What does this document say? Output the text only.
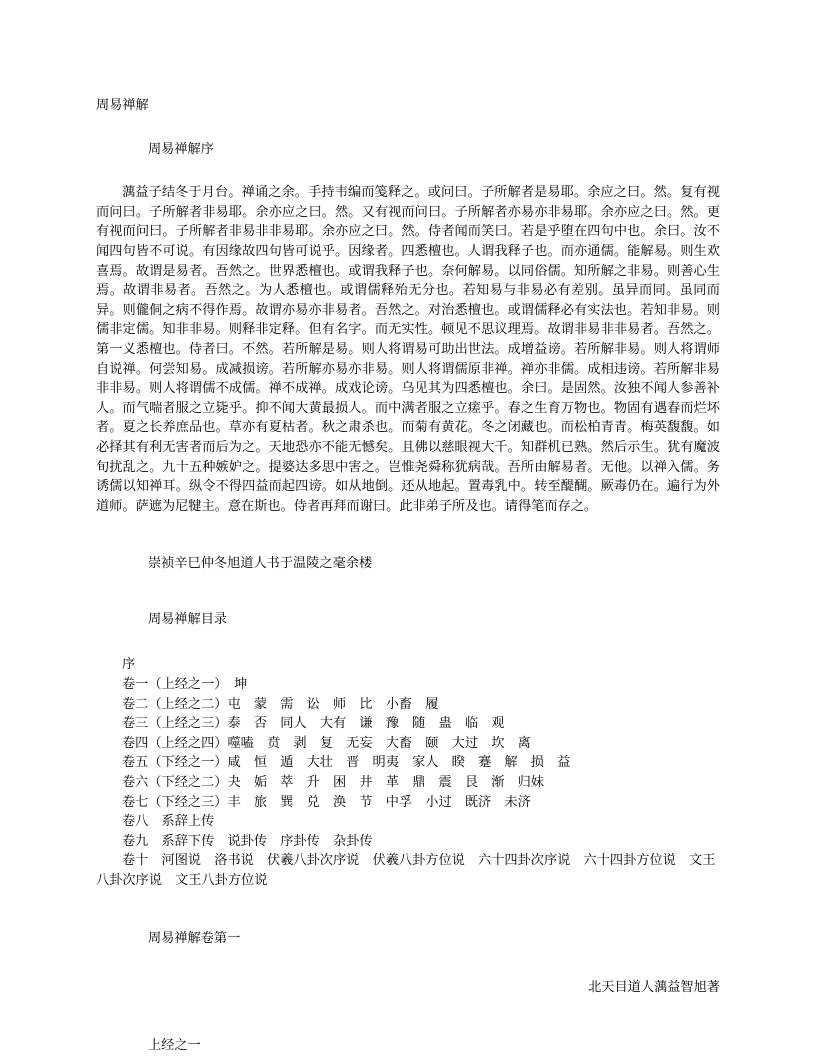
周易禅解
周易禅解序
蕅益子结冬于月台。禅诵之余。手持韦编而笺释之。或问曰。子所解者是易耶。余应之曰。然。复有视而问曰。子所解者非易耶。余亦应之曰。然。又有视而问曰。子所解者亦易亦非易耶。余亦应之曰。然。更有视而问曰。子所解者非易非非易耶。余亦应之曰。然。侍者闻而笑曰。若是乎堕在四句中也。余曰。汝不闻四句皆不可说。有因缘故四句皆可说乎。因缘者。四悉檀也。人谓我释子也。而亦通儒。能解易。则生欢喜焉。故谓是易者。吾然之。世界悉檀也。或谓我释子也。奈何解易。以同俗儒。知所解之非易。则善心生焉。故谓非易者。吾然之。为人悉檀也。或谓儒释殆无分也。若知易与非易必有差别。虽异而同。虽同而异。则儱侗之病不得作焉。故谓亦易亦非易者。吾然之。对治悉檀也。或谓儒释必有实法也。若知非易。则儒非定儒。知非非易。则释非定释。但有名字。而无实性。顿见不思议理焉。故谓非易非非易者。吾然之。第一义悉檀也。侍者曰。不然。若所解是易。则人将谓易可助出世法。成增益谤。若所解非易。则人将谓师自说禅。何尝知易。成减损谤。若所解亦易亦非易。则人将谓儒原非禅。禅亦非儒。成相违谤。若所解非易非非易。则人将谓儒不成儒。禅不成禅。成戏论谤。乌见其为四悉檀也。余曰。是固然。汝独不闻人参善补人。而气喘者服之立毙乎。抑不闻大黄最损人。而中满者服之立瘥乎。春之生育万物也。物固有遇春而烂坏者。夏之长养庶品也。草亦有夏枯者。秋之肃杀也。而菊有黄花。冬之闭藏也。而松柏青青。梅英馥馥。如必择其有利无害者而后为之。天地恐亦不能无憾矣。且佛以慈眼视大千。知群机已熟。然后示生。犹有魔波旬扰乱之。九十五种嫉妒之。提婆达多思中害之。岂惟尧舜称犹病哉。吾所由解易者。无他。以禅入儒。务诱儒以知禅耳。纵令不得四益而起四谤。如从地倒。还从地起。置毒乳中。转至醍醐。厥毒仍在。遍行为外道师。萨遮为尼犍主。意在斯也。侍者再拜而谢曰。此非弟子所及也。请得笔而存之。
崇祯辛巳仲冬旭道人书于温陵之毫余楼
周易禅解目录
序
卷一（上经之一）　坤
卷二（上经之二）屯　蒙　需　讼　师　比　小畜　履
卷三（上经之三）泰　否　同人　大有　谦　豫　随　蛊　临　观
卷四（上经之四）噬嗑　贲　剥　复　无妄　大畜　颐　大过　坎　离
卷五（下经之一）咸　恒　遁　大壮　晋　明夷　家人　睽　蹇　解　损　益
卷六（下经之二）夬　姤　萃　升　困　井　革　鼎　震　艮　渐　归妹
卷七（下经之三）丰　旅　巽　兑　涣　节　中孚　小过　既济　未济
卷八　系辞上传
卷九　系辞下传　说卦传　序卦传　杂卦传
卷十　河图说　洛书说　伏羲八卦次序说　伏羲八卦方位说　六十四卦次序说　六十四卦方位说　文王八卦次序说　文王八卦方位说
周易禅解卷第一
北天目道人蕅益智旭著
上经之一
